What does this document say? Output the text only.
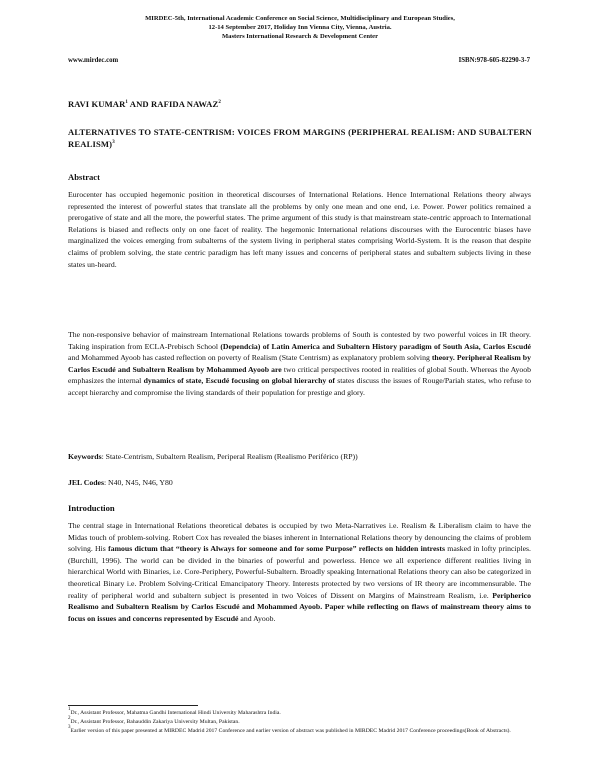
MIRDEC-5th, International Academic Conference on Social Science, Multidisciplinary and European Studies,
12-14 September 2017, Holiday Inn Vienna City, Vienna, Austria.
Masters International Research & Development Center
www.mirdec.com	ISBN:978-605-82290-3-7
RAVI KUMAR$^1$ AND RAFIDA NAWAZ$^2$
ALTERNATIVES TO STATE-CENTRISM: VOICES FROM MARGINS (PERIPHERAL REALISM: AND SUBALTERN REALISM)$^3$
Abstract
Eurocenter has occupied hegemonic position in theoretical discourses of International Relations. Hence International Relations theory always represented the interest of powerful states that translate all the problems by only one mean and one end, i.e. Power. Power politics remained a prerogative of state and all the more, the powerful states. The prime argument of this study is that mainstream state-centric approach to International Relations is biased and reflects only on one facet of reality. The hegemonic International relations discourses with the Eurocentric biases have marginalized the voices emerging from subalterns of the system living in peripheral states comprising World-System. It is the reason that despite claims of problem solving, the state centric paradigm has left many issues and concerns of peripheral states and subaltern subjects living in these states un-heard.
The non-responsive behavior of mainstream International Relations towards problems of South is contested by two powerful voices in IR theory. Taking inspiration from ECLA-Prebisch School (Dependcia) of Latin America and Subaltern History paradigm of South Asia, Carlos Escudé and Mohammed Ayoob has casted reflection on poverty of Realism (State Centrism) as explanatory problem solving theory. Peripheral Realism by Carlos Escudé and Subaltern Realism by Mohammed Ayoob are two critical perspectives rooted in realities of global South. Whereas the Ayoob emphasizes the internal dynamics of state, Escudé focusing on global hierarchy of states discuss the issues of Rouge/Pariah states, who refuse to accept hierarchy and compromise the living standards of their population for prestige and glory.
Keywords: State-Centrism, Subaltern Realism, Periperal Realism (Realismo Periférico (RP))
JEL Codes: N40, N45, N46, Y80
Introduction
The central stage in International Relations theoretical debates is occupied by two Meta-Narratives i.e. Realism & Liberalism claim to have the Midas touch of problem-solving. Robert Cox has revealed the biases inherent in International Relations theory by denouncing the claims of problem solving. His famous dictum that “theory is Always for someone and for some Purpose” reflects on hidden intrests masked in lofty principles. (Burchill, 1996). The world can be divided in the binaries of powerful and powerless. Hence we all experience different realities living in hierarchical World with Binaries, i.e. Core-Periphery, Powerful-Subaltern. Broadly speaking International Relations theory can also be categorized in theoretical Binary i.e. Problem Solving-Critical Emancipatory Theory. Interests protected by two versions of IR theory are incommensurable. The reality of peripheral world and subaltern subject is presented in two Voices of Dissent on Margins of Mainstream Realism, i.e. Peripherico Realismo and Subaltern Realism by Carlos Escudé and Mohammed Ayoob. Paper while reflecting on flaws of mainstream theory aims to focus on issues and concerns represented by Escudé and Ayoob.
$^1$Dr., Assistant Professor, Mahatma Gandhi International Hindi University Maharashtra India.
$^2$Dr., Assistant Professor, Bahauddin Zakariya University Multan, Pakistan.
$^3$Earlier version of this paper presented at MIRDEC Madrid 2017 Conference and earlier version of abstract was published in MIRDEC Madrid 2017 Conference proceedings(Book of Abstracts).
